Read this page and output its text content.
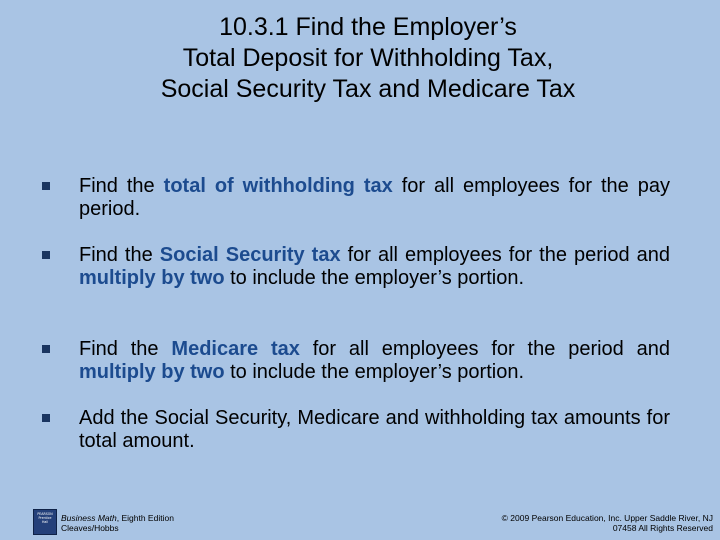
10.3.1 Find the Employer’s
Total Deposit for Withholding Tax,
Social Security Tax and Medicare Tax
Find the total of withholding tax for all employees for the pay period.
Find the Social Security tax for all employees for the period and multiply by two to include the employer’s portion.
Find the Medicare tax for all employees for the period and multiply by two to include the employer’s portion.
Add the Social Security, Medicare and withholding tax amounts for total amount.
PEARSON
Prentice
Hall	Business Math, Eighth Edition
Cleaves/Hobbs
© 2009 Pearson Education, Inc. Upper Saddle River, NJ
07458 All Rights Reserved
